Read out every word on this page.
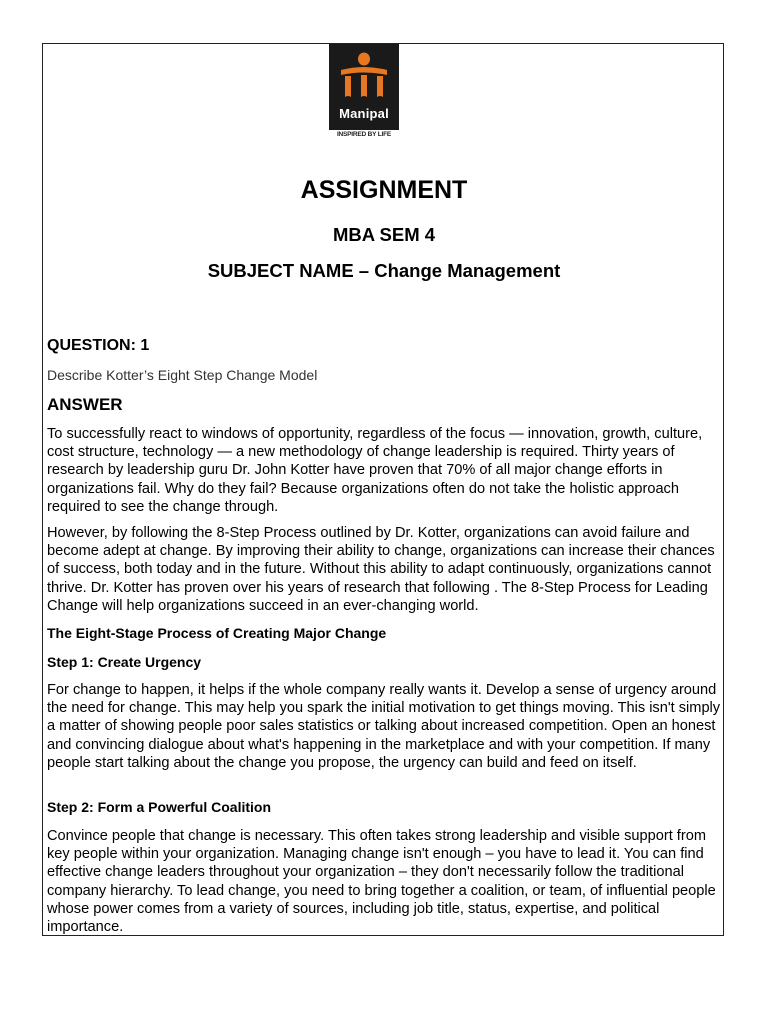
Manipal
INSPIRED BY LIFE
ASSIGNMENT
MBA SEM 4
SUBJECT NAME – Change Management
QUESTION: 1
Describe Kotter’s Eight Step Change Model
ANSWER

To successfully react to windows of opportunity, regardless of the focus — innovation, growth, culture, cost structure, technology — a new methodology of change leadership is required. Thirty years of research by leadership guru Dr. John Kotter have proven that 70% of all major change efforts in organizations fail. Why do they fail? Because organizations often do not take the holistic approach required to see the change through.

However, by following the 8-Step Process outlined by Dr. Kotter, organizations can avoid failure and become adept at change. By improving their ability to change, organizations can increase their chances of success, both today and in the future. Without this ability to adapt continuously, organizations cannot thrive. Dr. Kotter has proven over his years of research that following . The 8-Step Process for Leading Change will help organizations succeed in an ever-changing world.

The Eight-Stage Process of Creating Major Change
Step 1: Create Urgency

For change to happen, it helps if the whole company really wants it. Develop a sense of urgency around the need for change. This may help you spark the initial motivation to get things moving. This isn't simply a matter of showing people poor sales statistics or talking about increased competition. Open an honest and convincing dialogue about what's happening in the marketplace and with your competition. If many people start talking about the change you propose, the urgency can build and feed on itself.

Step 2: Form a Powerful Coalition

Convince people that change is necessary. This often takes strong leadership and visible support from key people within your organization. Managing change isn't enough – you have to lead it. You can find effective change leaders throughout your organization – they don't necessarily follow the traditional company hierarchy. To lead change, you need to bring together a coalition, or team, of influential people whose power comes from a variety of sources, including job title, status, expertise, and political importance.
